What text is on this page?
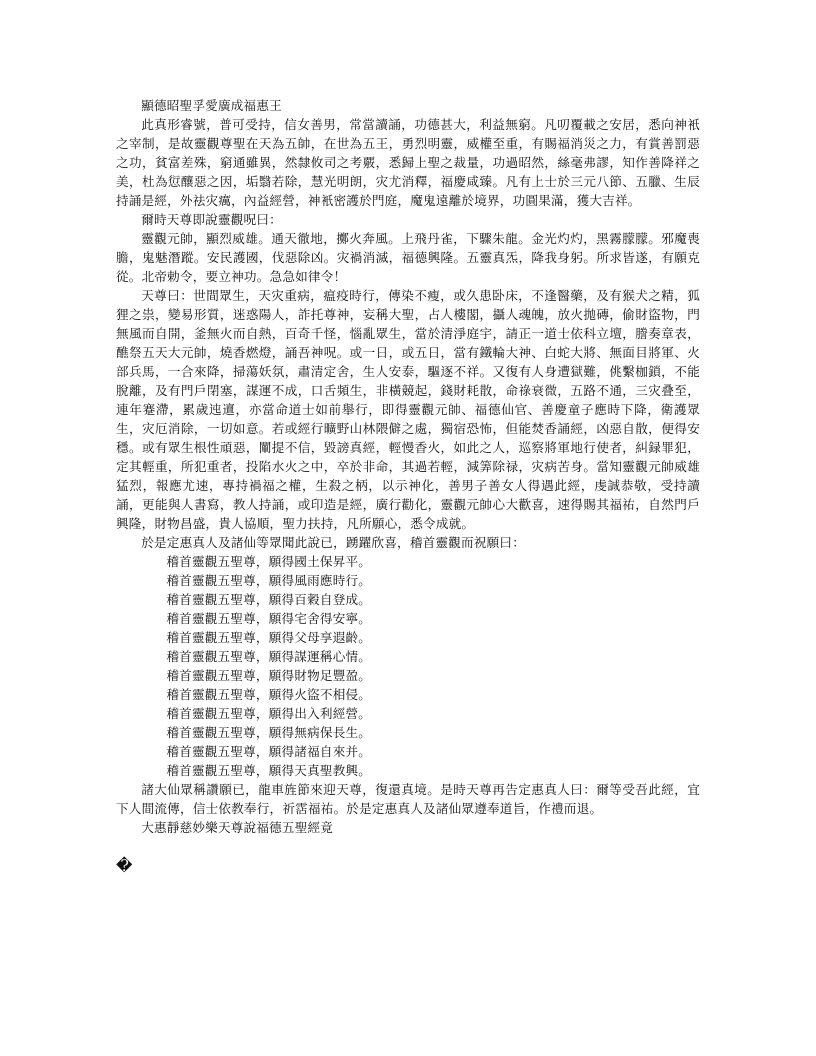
顯德昭聖孚愛廣成福惠王

此真形睿號，普可受持，信女善男，常當讀誦，功德甚大，利益無窮。凡叨覆載之安居，悉向神衹之宰制，是故靈觀尊聖在天為五帥，在世為五王，勇烈明靈，威權至重，有賜福消災之力，有賞善罰惡之功，貧富差殊，窮通雖異，然隸攸司之考覈，悉歸上聖之裁量，功過昭然，絲毫弗謬，知作善降祥之美，杜為愆釀惡之因，垢翳若除，慧光明朗，灾尤消釋，福慶咸臻。凡有上士於三元八節、五臘、生辰持誦是經，外祛灾癘，內益經營，神衹密護於門庭，魔鬼遠離於境界，功圓果滿，獲大吉祥。

爾時天尊即說靈觀呪曰：

靈觀元帥，顯烈威雄。通天徹地，擲火奔風。上飛丹雀，下驟朱龍。金光灼灼，黑霧朦朦。邪魔喪膽，鬼魅潛蹤。安民護國，伐惡除凶。灾禍消滅，福德興隆。五靈真炁，降我身躬。所求皆遂，有願克從。北帝勅令，要立神功。急急如律令！

天尊曰：世間眾生，天灾重病，瘟疫時行，傳染不瘦，或久患卧床，不逢醫藥，及有猴犬之精，狐狸之祟，變易形質，迷惑陽人，詐托尊神，妄稱大聖，占人樓閣，攝人魂魄，放火拋磚，偷財盜物，門無風而自開，釜無火而自熱，百奇千怪，惱亂眾生，當於清淨庭宇，請正一道士依科立壇，謄奏章表，醮祭五天大元帥，燒香燃燈，誦吾神呪。或一日，或五日，當有鐵輪大神、白蛇大將、無面目將軍、火部兵馬，一合來降，掃蕩妖氛，肅清定舍，生人安泰，驅逐不祥。又復有人身遭獄難，佻繫枷鎖，不能脫離，及有門戶閉塞，謀運不成，口舌頻生，非橫競起，錢財耗散，命祿衰微，五路不通，三灾叠至，連年蹇滯，累歲迍邅，亦當命道士如前舉行，即得靈觀元帥、福德仙官、善慶童子應時下降，衛護眾生，灾厄消除，一切如意。若或經行曠野山林隈僻之處，獨宿恐怖，但能焚香誦經，凶惡自散，便得安穩。或有眾生根性頑惡，闡提不信，毀謗真經，輕慢香火，如此之人，巡察將軍地行使者，糾録罪犯，定其輕重，所犯重者，投陷水火之中，卒於非命，其過若輕，減筭除禄，灾病苦身。當知靈觀元帥威雄猛烈，報應尤速，專持禍福之權，生殺之柄，以示神化，善男子善女人得遇此經，虔誠恭敬，受持讀誦，更能與人書寫，教人持誦，或印造是經，廣行勸化，靈觀元帥心大歡喜，速得賜其福祐，自然門戶興隆，財物昌盛，貴人協順，聖力扶持，凡所願心，悉令成就。

於是定惠真人及諸仙等眾聞此說已，踴躍欣喜，稽首靈觀而祝願曰：

稽首靈觀五聖尊，願得國土保昇平。

稽首靈觀五聖尊，願得風雨應時行。

稽首靈觀五聖尊，願得百穀自登成。

稽首靈觀五聖尊，願得宅舍得安寧。

稽首靈觀五聖尊，願得父母享遐齡。

稽首靈觀五聖尊，願得謀運稱心情。

稽首靈觀五聖尊，願得財物足豐盈。

稽首靈觀五聖尊，願得火盜不相侵。

稽首靈觀五聖尊，願得出入利經營。

稽首靈觀五聖尊，願得無病保長生。

稽首靈觀五聖尊，願得諸福自來并。

稽首靈觀五聖尊，願得天真聖教興。

諸大仙眾稱讚願已，龍車旌節來迎天尊，復還真境。是時天尊再告定惠真人曰：爾等受吾此經，宜下人間流傳，信士依教奉行，祈霑福祐。於是定惠真人及諸仙眾遵奉道旨，作禮而退。

大惠靜慈妙樂天尊說福德五聖經竟

�
